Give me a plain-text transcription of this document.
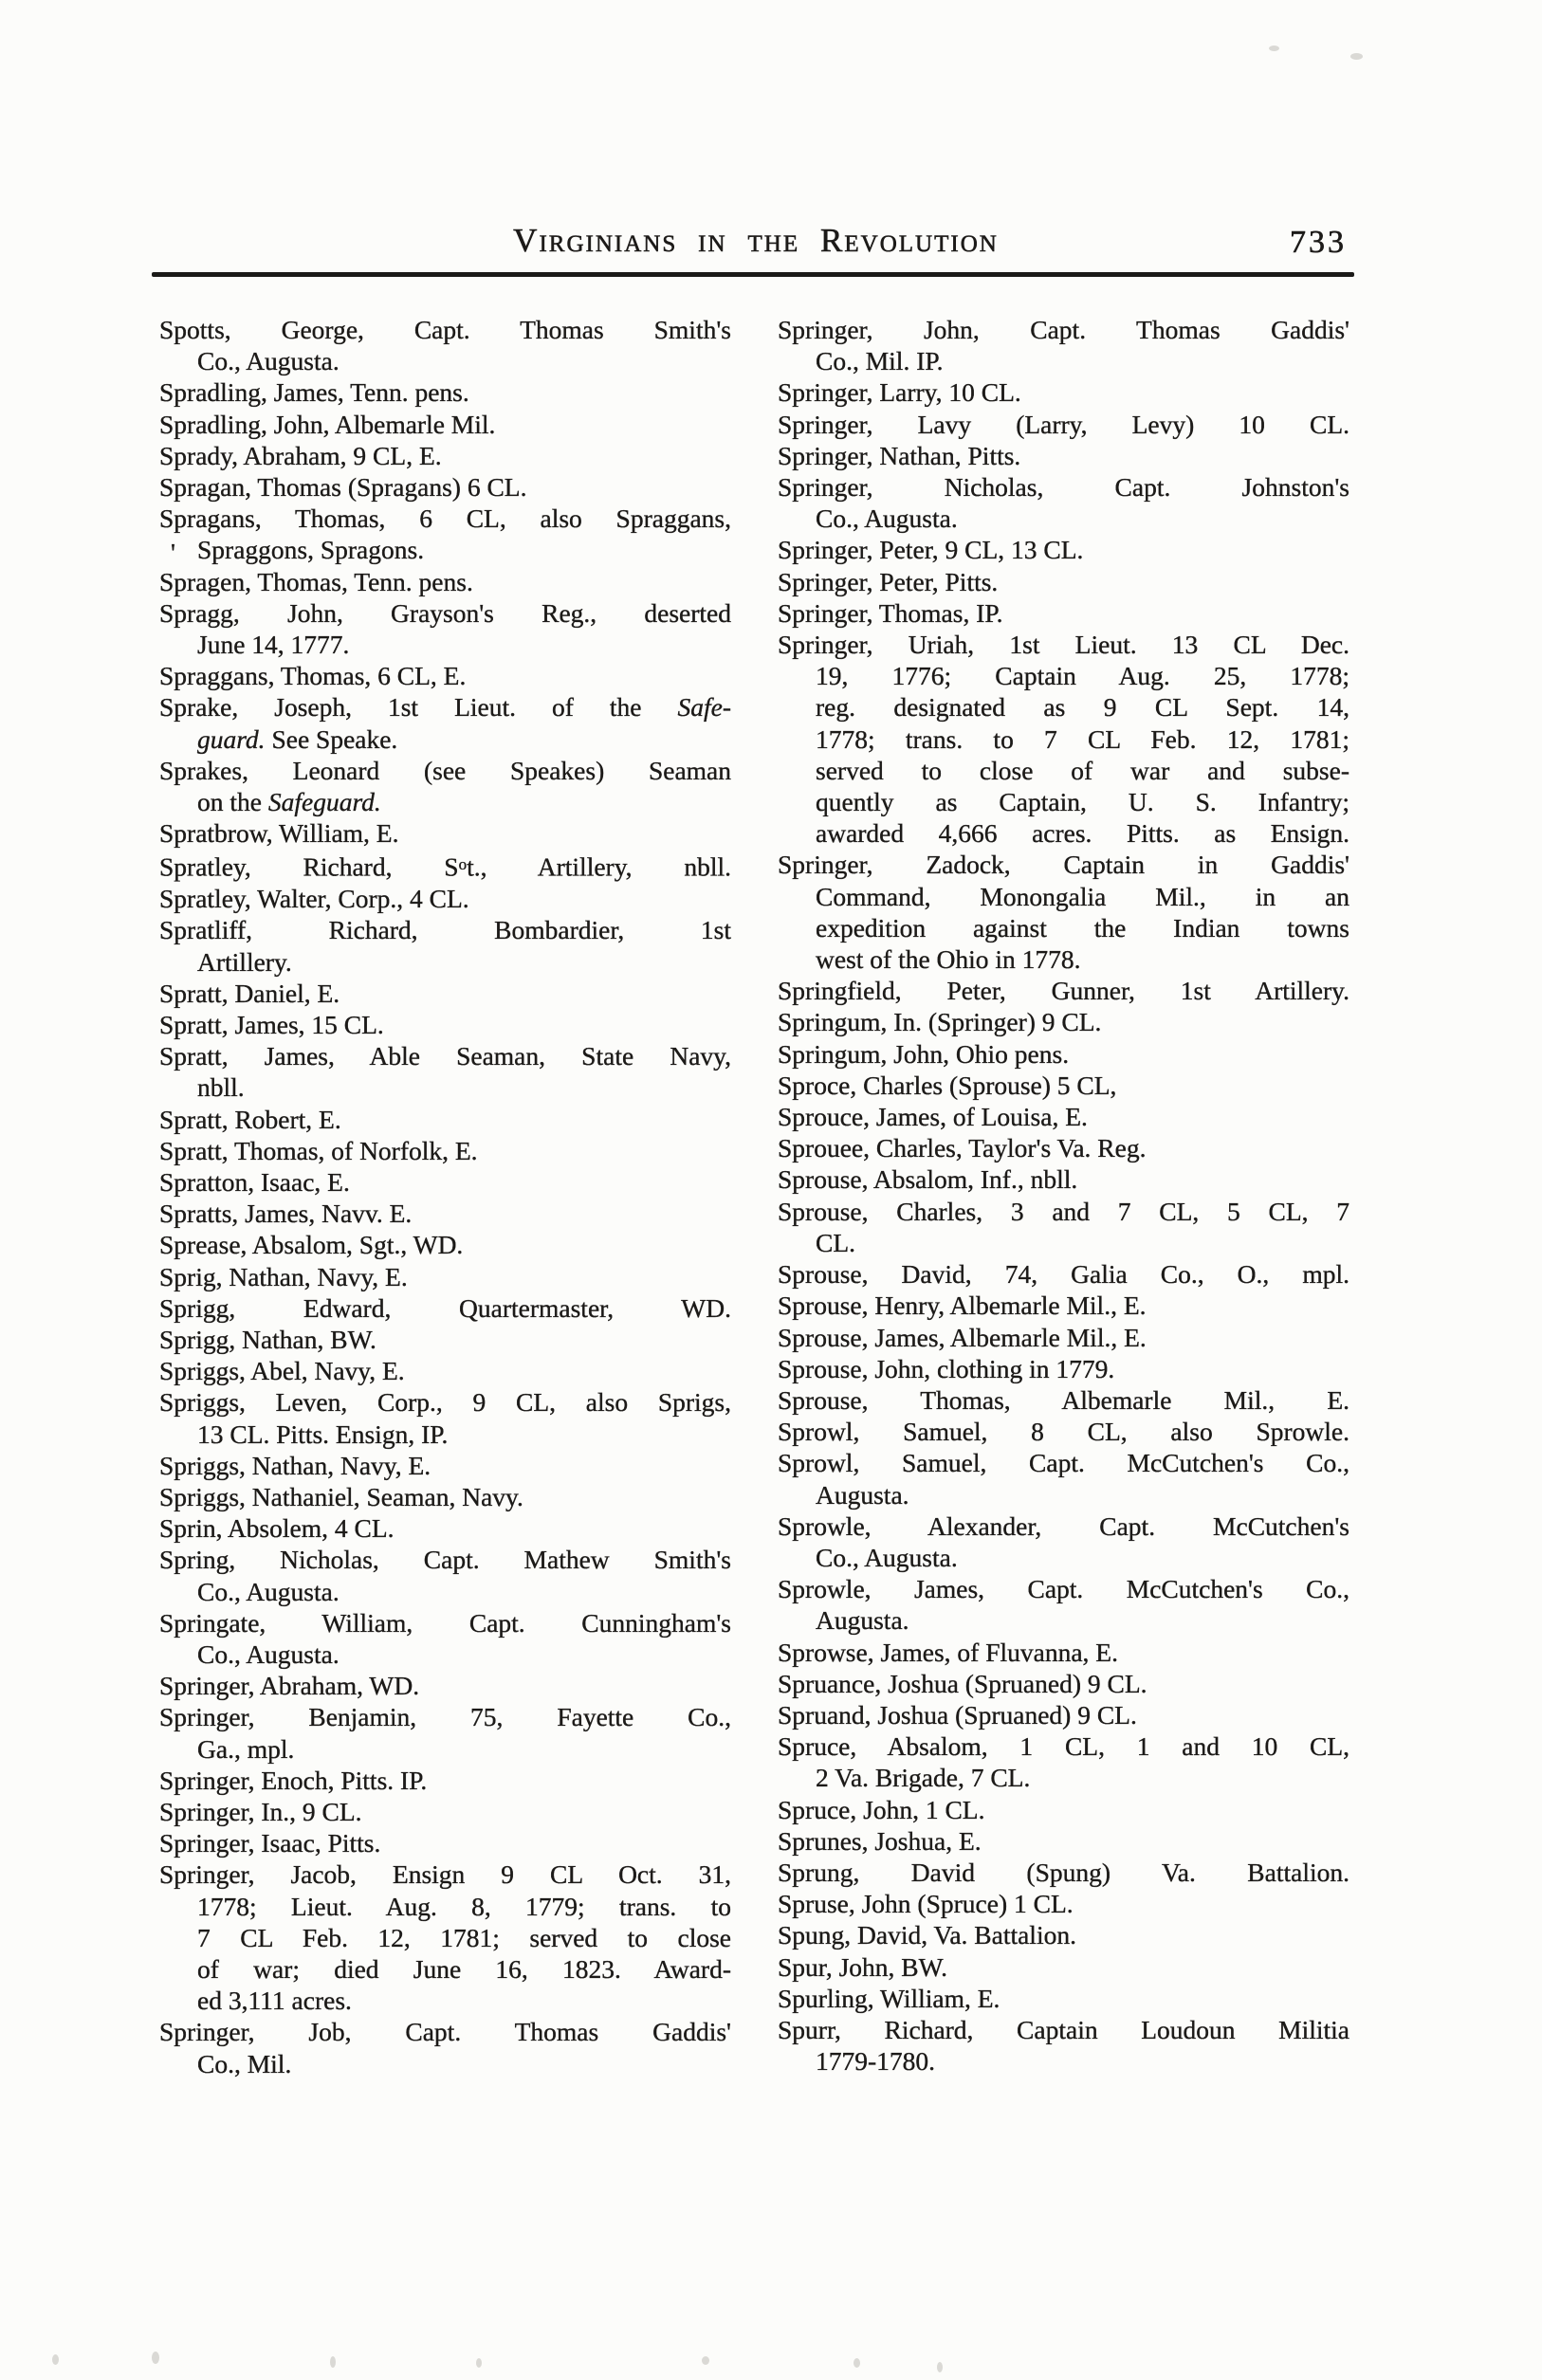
Virginians in the Revolution	733
Spotts, George, Capt. Thomas Smith's
Co., Augusta.
Spradling, James, Tenn. pens.
Spradling, John, Albemarle Mil.
Sprady, Abraham, 9 CL, E.
Spragan, Thomas (Spragans) 6 CL.
Spragans, Thomas, 6 CL, also Spraggans,
' Spraggons, Spragons.
Spragen, Thomas, Tenn. pens.
Spragg, John, Grayson's Reg., deserted
June 14, 1777.
Spraggans, Thomas, 6 CL, E.
Sprake, Joseph, 1st Lieut. of the Safe-
guard. See Speake.
Sprakes, Leonard (see Speakes) Seaman
on the Safeguard.
Spratbrow, William, E.
Spratley, Richard, $S^ot$., Artillery, nbll.
Spratley, Walter, Corp., 4 CL.
Spratliff, Richard, Bombardier, 1st
Artillery.
Spratt, Daniel, E.
Spratt, James, 15 CL.
Spratt, James, Able Seaman, State Navy,
nbll.
Spratt, Robert, E.
Spratt, Thomas, of Norfolk, E.
Spratton, Isaac, E.
Spratts, James, Navv. E.
Sprease, Absalom, Sgt., WD.
Sprig, Nathan, Navy, E.
Sprigg, Edward, Quartermaster, WD.
Sprigg, Nathan, BW.
Spriggs, Abel, Navy, E.
Spriggs, Leven, Corp., 9 CL, also Sprigs,
13 CL. Pitts. Ensign, IP.
Spriggs, Nathan, Navy, E.
Spriggs, Nathaniel, Seaman, Navy.
Sprin, Absolem, 4 CL.
Spring, Nicholas, Capt. Mathew Smith's
Co., Augusta.
Springate, William, Capt. Cunningham's
Co., Augusta.
Springer, Abraham, WD.
Springer, Benjamin, 75, Fayette Co.,
Ga., mpl.
Springer, Enoch, Pitts. IP.
Springer, In., 9 CL.
Springer, Isaac, Pitts.
Springer, Jacob, Ensign 9 CL Oct. 31,
1778; Lieut. Aug. 8, 1779; trans. to
7 CL Feb. 12, 1781; served to close
of war; died June 16, 1823. Award-
ed 3,111 acres.
Springer, Job, Capt. Thomas Gaddis'
Co., Mil.
Springer, John, Capt. Thomas Gaddis'
Co., Mil. IP.
Springer, Larry, 10 CL.
Springer, Lavy (Larry, Levy) 10 CL.
Springer, Nathan, Pitts.
Springer, Nicholas, Capt. Johnston's
Co., Augusta.
Springer, Peter, 9 CL, 13 CL.
Springer, Peter, Pitts.
Springer, Thomas, IP.
Springer, Uriah, 1st Lieut. 13 CL Dec.
19, 1776; Captain Aug. 25, 1778;
reg. designated as 9 CL Sept. 14,
1778; trans. to 7 CL Feb. 12, 1781;
served to close of war and subse-
quently as Captain, U. S. Infantry;
awarded 4,666 acres. Pitts. as Ensign.
Springer, Zadock, Captain in Gaddis'
Command, Monongalia Mil., in an
expedition against the Indian towns
west of the Ohio in 1778.
Springfield, Peter, Gunner, 1st Artillery.
Springum, In. (Springer) 9 CL.
Springum, John, Ohio pens.
Sproce, Charles (Sprouse) 5 CL,
Sprouce, James, of Louisa, E.
Sprouee, Charles, Taylor's Va. Reg.
Sprouse, Absalom, Inf., nbll.
Sprouse, Charles, 3 and 7 CL, 5 CL, 7
CL.
Sprouse, David, 74, Galia Co., O., mpl.
Sprouse, Henry, Albemarle Mil., E.
Sprouse, James, Albemarle Mil., E.
Sprouse, John, clothing in 1779.
Sprouse, Thomas, Albemarle Mil., E.
Sprowl, Samuel, 8 CL, also Sprowle.
Sprowl, Samuel, Capt. McCutchen's Co.,
Augusta.
Sprowle, Alexander, Capt. McCutchen's
Co., Augusta.
Sprowle, James, Capt. McCutchen's Co.,
Augusta.
Sprowse, James, of Fluvanna, E.
Spruance, Joshua (Spruaned) 9 CL.
Spruand, Joshua (Spruaned) 9 CL.
Spruce, Absalom, 1 CL, 1 and 10 CL,
2 Va. Brigade, 7 CL.
Spruce, John, 1 CL.
Sprunes, Joshua, E.
Sprung, David (Spung) Va. Battalion.
Spruse, John (Spruce) 1 CL.
Spung, David, Va. Battalion.
Spur, John, BW.
Spurling, William, E.
Spurr, Richard, Captain Loudoun Militia
1779-1780.
